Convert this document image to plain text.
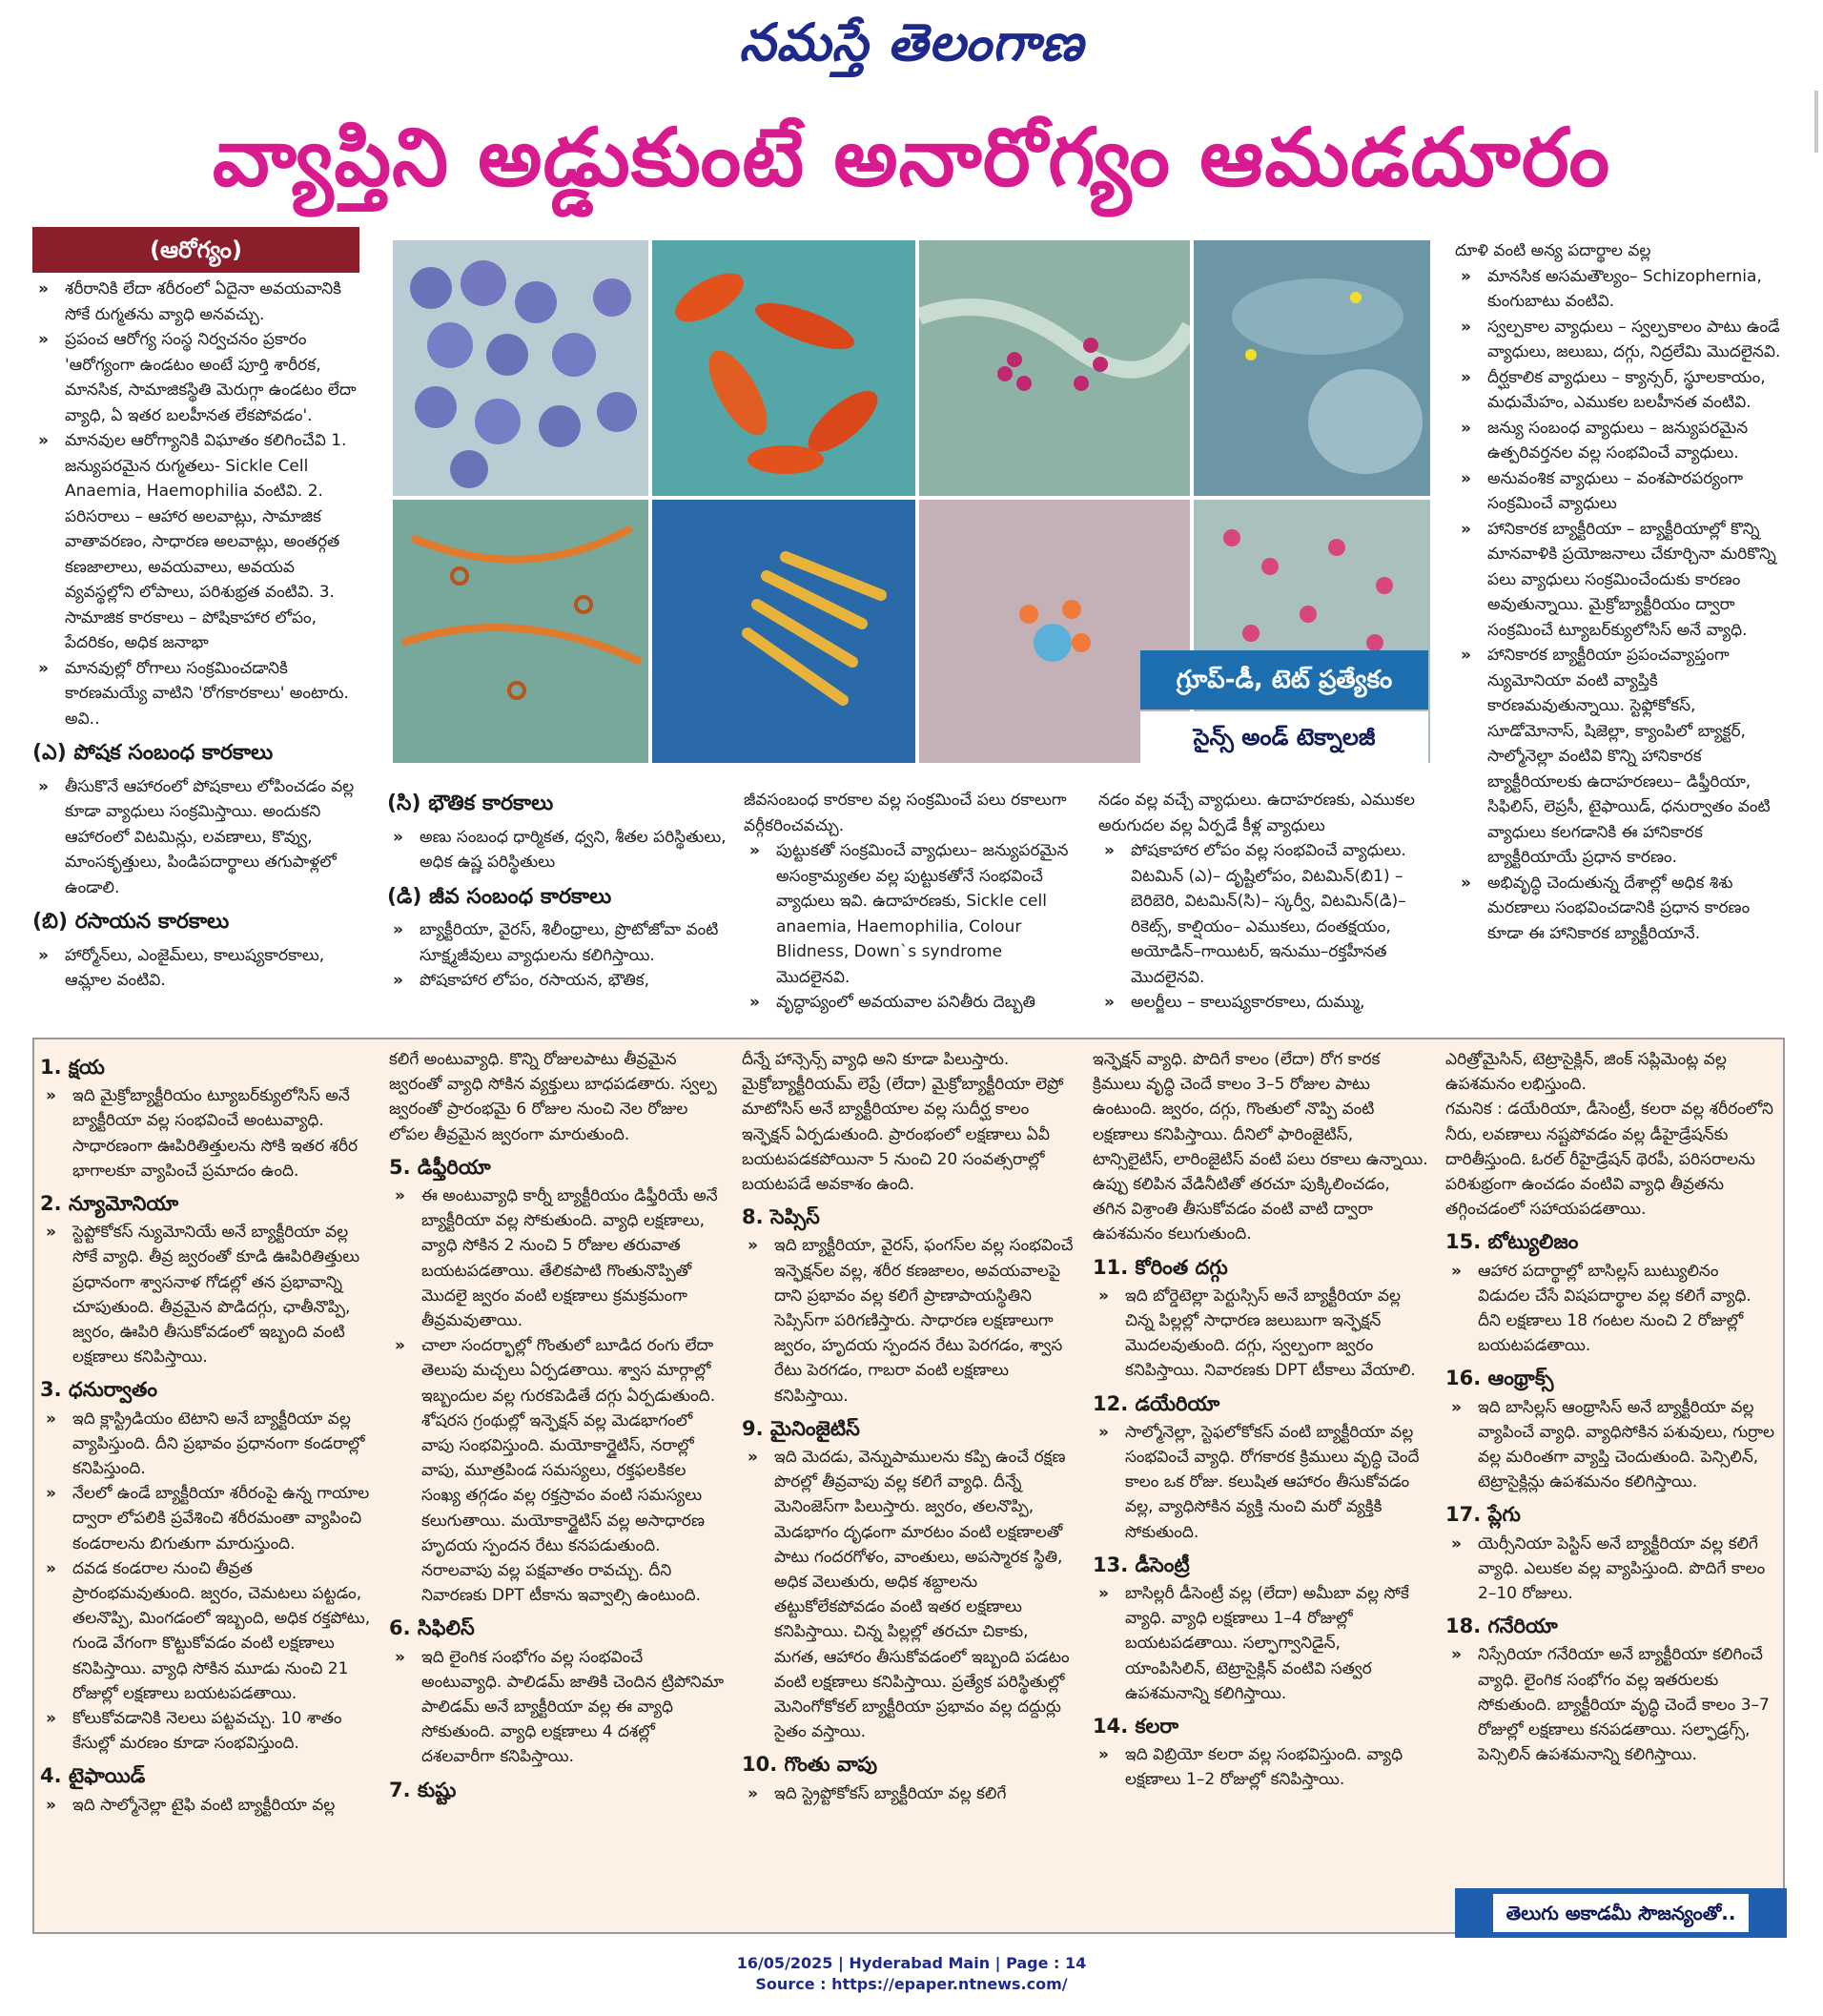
నమస్తే తెలంగాణ
వ్యాప్తిని అడ్డుకుంటే అనారోగ్యం ఆమడదూరం
(ఆరోగ్యం)

» శరీరానికి లేదా శరీరంలో ఏదైనా అవయవానికి సోకే రుగ్మతను వ్యాధి అనవచ్చు.

» ప్రపంచ ఆరోగ్య సంస్థ నిర్వచనం ప్రకారం 'ఆరోగ్యంగా ఉండటం అంటే పూర్తి శారీరక, మానసిక, సామాజికస్థితి మెరుగ్గా ఉండటం లేదా వ్యాధి, ఏ ఇతర బలహీనత లేకపోవడం'.

» మానవుల ఆరోగ్యానికి విఘాతం కలిగించేవి 1. జన్యుపరమైన రుగ్మతలు- Sickle Cell Anaemia, Haemophilia వంటివి. 2. పరిసరాలు – ఆహార అలవాట్లు, సామాజిక వాతావరణం, సాధారణ అలవాట్లు, అంతర్గత కణజాలాలు, అవయవాలు, అవయవ వ్యవస్థల్లోని లోపాలు, పరిశుభ్రత వంటివి. 3. సామాజిక కారకాలు – పోషికాహార లోపం, పేదరికం, అధిక జనాభా

» మానవుల్లో రోగాలు సంక్రమించడానికి కారణమయ్యే వాటిని 'రోగకారకాలు' అంటారు. అవి..

(ఎ) పోషక సంబంధ కారకాలు

» తీసుకొనే ఆహారంలో పోషకాలు లోపించడం వల్ల కూడా వ్యాధులు సంక్రమిస్తాయి. అందుకని ఆహారంలో విటమిన్లు, లవణాలు, కొవ్వు, మాంసకృత్తులు, పిండిపదార్థాలు తగుపాళ్లలో ఉండాలి.

(బి) రసాయన కారకాలు

» హార్మోన్‌లు, ఎంజైమ్‌లు, కాలుష్యకారకాలు, ఆమ్లాల వంటివి.

గ్రూప్-డీ, టెట్ ప్రత్యేకం
సైన్స్ అండ్ టెక్నాలజీ
(సి) భౌతిక కారకాలు

» అణు సంబంధ ధార్మికత, ధ్వని, శీతల పరిస్థితులు, అధిక ఉష్ణ పరిస్థితులు

(డి) జీవ సంబంధ కారకాలు

» బ్యాక్టీరియా, వైరస్, శిలీంధ్రాలు, ప్రొటోజోవా వంటి సూక్ష్మజీవులు వ్యాధులను కలిగిస్తాయి.

» పోషకాహార లోపం, రసాయన, భౌతిక,

జీవసంబంధ కారకాల వల్ల సంక్రమించే పలు రకాలుగా వర్గీకరించవచ్చు.

» పుట్టుకతో సంక్రమించే వ్యాధులు– జన్యుపరమైన అసంక్రామ్యతల వల్ల పుట్టుకతోనే సంభవించే వ్యాధులు ఇవి. ఉదాహరణకు, Sickle cell anaemia, Haemophilia, Colour Blidness, Down`s syndrome మొదలైనవి.

» వృద్ధాప్యంలో అవయవాల పనితీరు దెబ్బతి

నడం వల్ల వచ్చే వ్యాధులు. ఉదాహరణకు, ఎముకల అరుగుదల వల్ల ఏర్పడే కీళ్ల వ్యాధులు

» పోషకాహార లోపం వల్ల సంభవించే వ్యాధులు. విటమిన్ (ఎ)– దృష్టిలోపం, విటమిన్(బి1) – బెరిబెరి, విటమిన్(సి)– స్కర్వీ, విటమిన్(డి)– రికెట్స్, కాల్షియం– ఎముకలు, దంతక్షయం, అయోడిన్–గాయిటర్, ఇనుము–రక్తహీనత మొదలైనవి.

» అలర్జీలు – కాలుష్యకారకాలు, దుమ్ము,

దూళి వంటి అన్య పదార్థాల వల్ల

» మానసిక అసమతౌల్యం– Schizophernia, కుంగుబాటు వంటివి.

» స్వల్పకాల వ్యాధులు – స్వల్పకాలం పాటు ఉండే వ్యాధులు, జలుబు, దగ్గు, నిద్రలేమి మొదలైనవి.

» దీర్ఘకాలిక వ్యాధులు – క్యాన్సర్, స్థూలకాయం, మధుమేహం, ఎముకల బలహీనత వంటివి.

» జన్యు సంబంధ వ్యాధులు – జన్యుపరమైన ఉత్పరివర్తనల వల్ల సంభవించే వ్యాధులు.

» అనువంశిక వ్యాధులు – వంశపారపర్యంగా సంక్రమించే వ్యాధులు

» హానికారక బ్యాక్టీరియా – బ్యాక్టీరియాల్లో కొన్ని మానవాళికి ప్రయోజనాలు చేకూర్చినా మరికొన్ని పలు వ్యాధులు సంక్రమించేందుకు కారణం అవుతున్నాయి. మైక్రోబ్యాక్టీరియం ద్వారా సంక్రమించే ట్యూబర్‌క్యులోసిస్ అనే వ్యాధి.

» హానికారక బ్యాక్టీరియా ప్రపంచవ్యాప్తంగా న్యుమోనియా వంటి వ్యాప్తికి కారణమవుతున్నాయి. స్టెఫ్లోకోకస్, సూడోమోనాస్, షిజెల్లా, క్యాంపిలో బ్యాక్టర్, సాల్మోనెల్లా వంటివి కొన్ని హానికారక బ్యాక్టీరియాలకు ఉదాహరణలు– డిఫ్తీరియా, సిఫిలిస్, లెప్రసీ, టైఫాయిడ్, ధనుర్వాతం వంటి వ్యాధులు కలగడానికి ఈ హానికారక బ్యాక్టీరియాయే ప్రధాన కారణం.

» అభివృద్ధి చెందుతున్న దేశాల్లో అధిక శిశు మరణాలు సంభవించడానికి ప్రధాన కారణం కూడా ఈ హానికారక బ్యాక్టీరియానే.

1. క్షయ

» ఇది మైక్రోబ్యాక్టీరియం ట్యూబర్‌క్యులోసిస్ అనే బ్యాక్టీరియా వల్ల సంభవించే అంటువ్యాధి. సాధారణంగా ఊపిరితిత్తులను సోకి ఇతర శరీర భాగాలకూ వ్యాపించే ప్రమాదం ఉంది.

2. న్యూమోనియా

» స్టెప్టోకోకస్ న్యుమోనియే అనే బ్యాక్టీరియా వల్ల సోకే వ్యాధి. తీవ్ర జ్వరంతో కూడి ఊపిరితిత్తులు ప్రధానంగా శ్వాసనాళ గోడల్లో తన ప్రభావాన్ని చూపుతుంది. తీవ్రమైన పొడిదగ్గు, ఛాతీనొప్పి, జ్వరం, ఊపిరి తీసుకోవడంలో ఇబ్బంది వంటి లక్షణాలు కనిపిస్తాయి.

3. ధనుర్వాతం

» ఇది క్లాస్ట్రిడియం టెటాని అనే బ్యాక్టీరియా వల్ల వ్యాపిస్తుంది. దీని ప్రభావం ప్రధానంగా కండరాల్లో కనిపిస్తుంది.

» నేలలో ఉండే బ్యాక్టీరియా శరీరంపై ఉన్న గాయాల ద్వారా లోపలికి ప్రవేశించి శరీరమంతా వ్యాపించి కండరాలను బిగుతుగా మారుస్తుంది.

» దవడ కండరాల నుంచి తీవ్రత ప్రారంభమవుతుంది. జ్వరం, చెమటలు పట్టడం, తలనొప్పి, మింగడంలో ఇబ్బంది, అధిక రక్తపోటు, గుండె వేగంగా కొట్టుకోవడం వంటి లక్షణాలు కనిపిస్తాయి. వ్యాధి సోకిన మూడు నుంచి 21 రోజుల్లో లక్షణాలు బయటపడతాయి.

» కోలుకోవడానికి నెలలు పట్టవచ్చు. 10 శాతం కేసుల్లో మరణం కూడా సంభవిస్తుంది.

4. టైఫాయిడ్

» ఇది సాల్మోనెల్లా టైఫి వంటి బ్యాక్టీరియా వల్ల

కలిగే అంటువ్యాధి. కొన్ని రోజులపాటు తీవ్రమైన జ్వరంతో వ్యాధి సోకిన వ్యక్తులు బాధపడతారు. స్వల్ప జ్వరంతో ప్రారంభమై 6 రోజుల నుంచి నెల రోజుల లోపల తీవ్రమైన జ్వరంగా మారుతుంది.

5. డిఫ్తీరియా

» ఈ అంటువ్యాధి కార్నీ బ్యాక్టీరియం డిఫ్తీరియే అనే బ్యాక్టీరియా వల్ల సోకుతుంది. వ్యాధి లక్షణాలు, వ్యాధి సోకిన 2 నుంచి 5 రోజుల తరువాత బయటపడతాయి. తేలికపాటి గొంతునొప్పితో మొదలై జ్వరం వంటి లక్షణాలు క్రమక్రమంగా తీవ్రమవుతాయి.

» చాలా సందర్భాల్లో గొంతులో బూడిద రంగు లేదా తెలుపు మచ్చలు ఏర్పడతాయి. శ్వాస మార్గాల్లో ఇబ్బందుల వల్ల గురకపెడితే దగ్గు ఏర్పడుతుంది. శోషరస గ్రంథుల్లో ఇన్ఫెక్షన్ వల్ల మెడభాగంలో వాపు సంభవిస్తుంది. మయోకార్డైటిస్, నరాల్లో వాపు, మూత్రపిండ సమస్యలు, రక్తఫలకికల సంఖ్య తగ్గడం వల్ల రక్తస్రావం వంటి సమస్యలు కలుగుతాయి. మయోకార్డైటిస్ వల్ల అసాధారణ హృదయ స్పందన రేటు కనపడుతుంది. నరాలవాపు వల్ల పక్షవాతం రావచ్చు. దీని నివారణకు DPT టీకాను ఇవ్వాల్సి ఉంటుంది.

6. సిఫిలిస్

» ఇది లైంగిక సంభోగం వల్ల సంభవించే అంటువ్యాధి. పాలిడమ్ జాతికి చెందిన ట్రిపోనిమా పాలిడమ్ అనే బ్యాక్టీరియా వల్ల ఈ వ్యాధి సోకుతుంది. వ్యాధి లక్షణాలు 4 దశల్లో దశలవారీగా కనిపిస్తాయి.

7. కుష్టు

దీన్నే హాన్సెన్స్ వ్యాధి అని కూడా పిలుస్తారు. మైక్రోబ్యాక్టీరియమ్ లెప్రే (లేదా) మైక్రోబ్యాక్టీరియా లెప్రో మాటోసిస్ అనే బ్యాక్టీరియాల వల్ల సుదీర్ఘ కాలం ఇన్ఫెక్షన్ ఏర్పడుతుంది. ప్రారంభంలో లక్షణాలు ఏవీ బయటపడకపోయినా 5 నుంచి 20 సంవత్సరాల్లో బయటపడే అవకాశం ఉంది.

8. సెప్సిస్

» ఇది బ్యాక్టీరియా, వైరస్, ఫంగస్‌ల వల్ల సంభవించే ఇన్ఫెక్షన్‌ల వల్ల, శరీర కణజాలం, అవయవాలపై దాని ప్రభావం వల్ల కలిగే ప్రాణాపాయస్థితిని సెప్సిస్‌గా పరిగణిస్తారు. సాధారణ లక్షణాలుగా జ్వరం, హృదయ స్పందన రేటు పెరగడం, శ్వాస రేటు పెరగడం, గాబరా వంటి లక్షణాలు కనిపిస్తాయి.

9. మైనింజైటిస్

» ఇది మెదడు, వెన్నుపాములను కప్పి ఉంచే రక్షణ పొరల్లో తీవ్రవాపు వల్ల కలిగే వ్యాధి. దీన్నే మెనింజెస్‌గా పిలుస్తారు. జ్వరం, తలనొప్పి, మెడభాగం దృఢంగా మారటం వంటి లక్షణాలతో పాటు గందరగోళం, వాంతులు, అపస్మారక స్థితి, అధిక వెలుతురు, అధిక శబ్దాలను తట్టుకోలేకపోవడం వంటి ఇతర లక్షణాలు కనిపిస్తాయి. చిన్న పిల్లల్లో తరచూ చికాకు, మగత, ఆహారం తీసుకోవడంలో ఇబ్బంది పడటం వంటి లక్షణాలు కనిపిస్తాయి. ప్రత్యేక పరిస్థితుల్లో మెనింగోకోకల్ బ్యాక్టీరియా ప్రభావం వల్ల దద్దుర్లు సైతం వస్తాయి.

10. గొంతు వాపు

» ఇది స్ట్రెప్టోకోకస్ బ్యాక్టీరియా వల్ల కలిగే

ఇన్ఫెక్షన్ వ్యాధి. పొదిగే కాలం (లేదా) రోగ కారక క్రిములు వృద్ధి చెందే కాలం 3–5 రోజుల పాటు ఉంటుంది. జ్వరం, దగ్గు, గొంతులో నొప్పి వంటి లక్షణాలు కనిపిస్తాయి. దీనిలో ఫారింజైటిస్, టాన్సిలైటిస్, లారింజైటిస్ వంటి పలు రకాలు ఉన్నాయి. ఉప్పు కలిపిన వేడినీటితో తరచూ పుక్కిలించడం, తగిన విశ్రాంతి తీసుకోవడం వంటి వాటి ద్వారా ఉపశమనం కలుగుతుంది.

11. కోరింత దగ్గు

» ఇది బోర్డెటెల్లా పెర్టుస్సిస్ అనే బ్యాక్టీరియా వల్ల చిన్న పిల్లల్లో సాధారణ జలుబుగా ఇన్ఫెక్షన్ మొదలవుతుంది. దగ్గు, స్వల్పంగా జ్వరం కనిపిస్తాయి. నివారణకు DPT టీకాలు వేయాలి.

12. డయేరియా

» సాల్మోనెల్లా, స్టెఫలోకోకస్ వంటి బ్యాక్టీరియా వల్ల సంభవించే వ్యాధి. రోగకారక క్రిములు వృద్ధి చెందే కాలం ఒక రోజు. కలుషిత ఆహారం తీసుకోవడం వల్ల, వ్యాధిసోకిన వ్యక్తి నుంచి మరో వ్యక్తికి సోకుతుంది.

13. డీసెంట్రీ

» బాసిల్లరీ డీసెంట్రీ వల్ల (లేదా) అమీబా వల్ల సోకే వ్యాధి. వ్యాధి లక్షణాలు 1–4 రోజుల్లో బయటపడతాయి. సల్ఫాగ్వానిడైన్, యాంపిసిలిన్, టెట్రాసైక్లిన్ వంటివి సత్వర ఉపశమనాన్ని కలిగిస్తాయి.

14. కలరా

» ఇది విబ్రియో కలరా వల్ల సంభవిస్తుంది. వ్యాధి లక్షణాలు 1–2 రోజుల్లో కనిపిస్తాయి.

ఎరిత్రోమైసిన్, టెట్రాసైక్లిన్, జింక్ సప్లిమెంట్ల వల్ల ఉపశమనం లభిస్తుంది.

గమనిక : డయేరియా, డీసెంట్రీ, కలరా వల్ల శరీరంలోని నీరు, లవణాలు నష్టపోవడం వల్ల డీహైడ్రేషన్‌కు దారితీస్తుంది. ఓరల్ రీహైడ్రేషన్ థెరపీ, పరిసరాలను పరిశుభ్రంగా ఉంచడం వంటివి వ్యాధి తీవ్రతను తగ్గించడంలో సహాయపడతాయి.

15. బోట్యులిజం

» ఆహార పదార్థాల్లో బాసిల్లస్ బుట్యులినం విడుదల చేసే విషపదార్థాల వల్ల కలిగే వ్యాధి. దీని లక్షణాలు 18 గంటల నుంచి 2 రోజుల్లో బయటపడతాయి.

16. ఆంథ్రాక్స్

» ఇది బాసిల్లస్ ఆంథ్రాసిస్ అనే బ్యాక్టీరియా వల్ల వ్యాపించే వ్యాధి. వ్యాధిసోకిన పశువులు, గుర్రాల వల్ల మరింతగా వ్యాప్తి చెందుతుంది. పెన్సిలిన్, టెట్రాసైక్లిన్లు ఉపశమనం కలిగిస్తాయి.

17. ప్లేగు

» యెర్సీనియా పెస్టిస్ అనే బ్యాక్టీరియా వల్ల కలిగే వ్యాధి. ఎలుకల వల్ల వ్యాపిస్తుంది. పొదిగే కాలం 2–10 రోజులు.

18. గనేరియా

» నిస్సేరియా గనేరియా అనే బ్యాక్టీరియా కలిగించే వ్యాధి. లైంగిక సంభోగం వల్ల ఇతరులకు సోకుతుంది. బ్యాక్టీరియా వృద్ధి చెందే కాలం 3–7 రోజుల్లో లక్షణాలు కనపడతాయి. సల్ఫాడ్రగ్స్, పెన్సిలిన్ ఉపశమనాన్ని కలిగిస్తాయి.

తెలుగు అకాడమీ సౌజన్యంతో..
16/05/2025 | Hyderabad Main | Page : 14
Source : https://epaper.ntnews.com/
